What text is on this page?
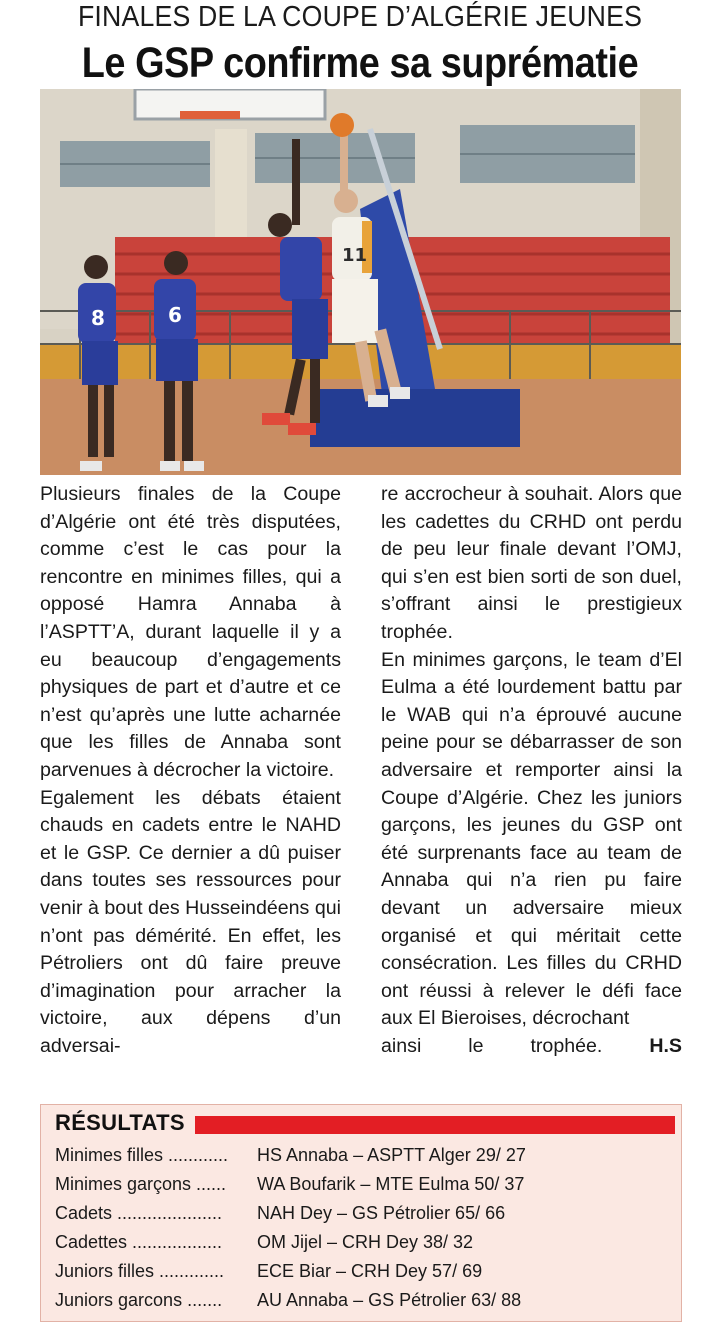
FINALES DE LA COUPE D’ALGÉRIE JEUNES
Le GSP confirme sa suprématie
8	6
11

Plusieurs finales de la Coupe d’Algérie ont été très disputées, comme c’est le cas pour la rencontre en minimes filles, qui a opposé Hamra Annaba à l’ASPTT’A, durant laquelle il y a eu beaucoup d’engagements physiques de part et d’autre et ce n’est qu’après une lutte acharnée que les filles de Annaba sont parvenues à décrocher la victoire.

Egalement les débats étaient chauds en cadets entre le NAHD et le GSP. Ce dernier a dû puiser dans toutes ses ressources pour venir à bout des Husseindéens qui n’ont pas démérité. En effet, les Pétroliers ont dû faire preuve d’imagination pour arracher la victoire, aux dépens d’un adversai-

re accrocheur à souhait. Alors que les cadettes du CRHD ont perdu de peu leur finale devant l’OMJ, qui s’en est bien sorti de son duel, s’offrant ainsi le prestigieux trophée.

En minimes garçons, le team d’El Eulma a été lourdement battu par le WAB qui n’a éprouvé aucune peine pour se débarrasser de son adversaire et remporter ainsi la Coupe d’Algérie. Chez les juniors garçons, les jeunes du GSP ont été surprenants face au team de Annaba qui n’a rien pu faire devant un adversaire mieux organisé et qui méritait cette consécration. Les filles du CRHD ont réussi à relever le défi face aux El Bieroises, décrochant

ainsi le trophée. H.S

RÉSULTATS
Minimes filles ............ HS Annaba – ASPTT Alger 29/ 27
Minimes garçons ...... WA Boufarik – MTE Eulma 50/ 37
Cadets ..................... NAH Dey – GS Pétrolier 65/ 66
Cadettes .................. OM Jijel – CRH Dey 38/ 32
Juniors filles ............. ECE Biar – CRH Dey 57/ 69
Juniors garcons ....... AU Annaba – GS Pétrolier 63/ 88
